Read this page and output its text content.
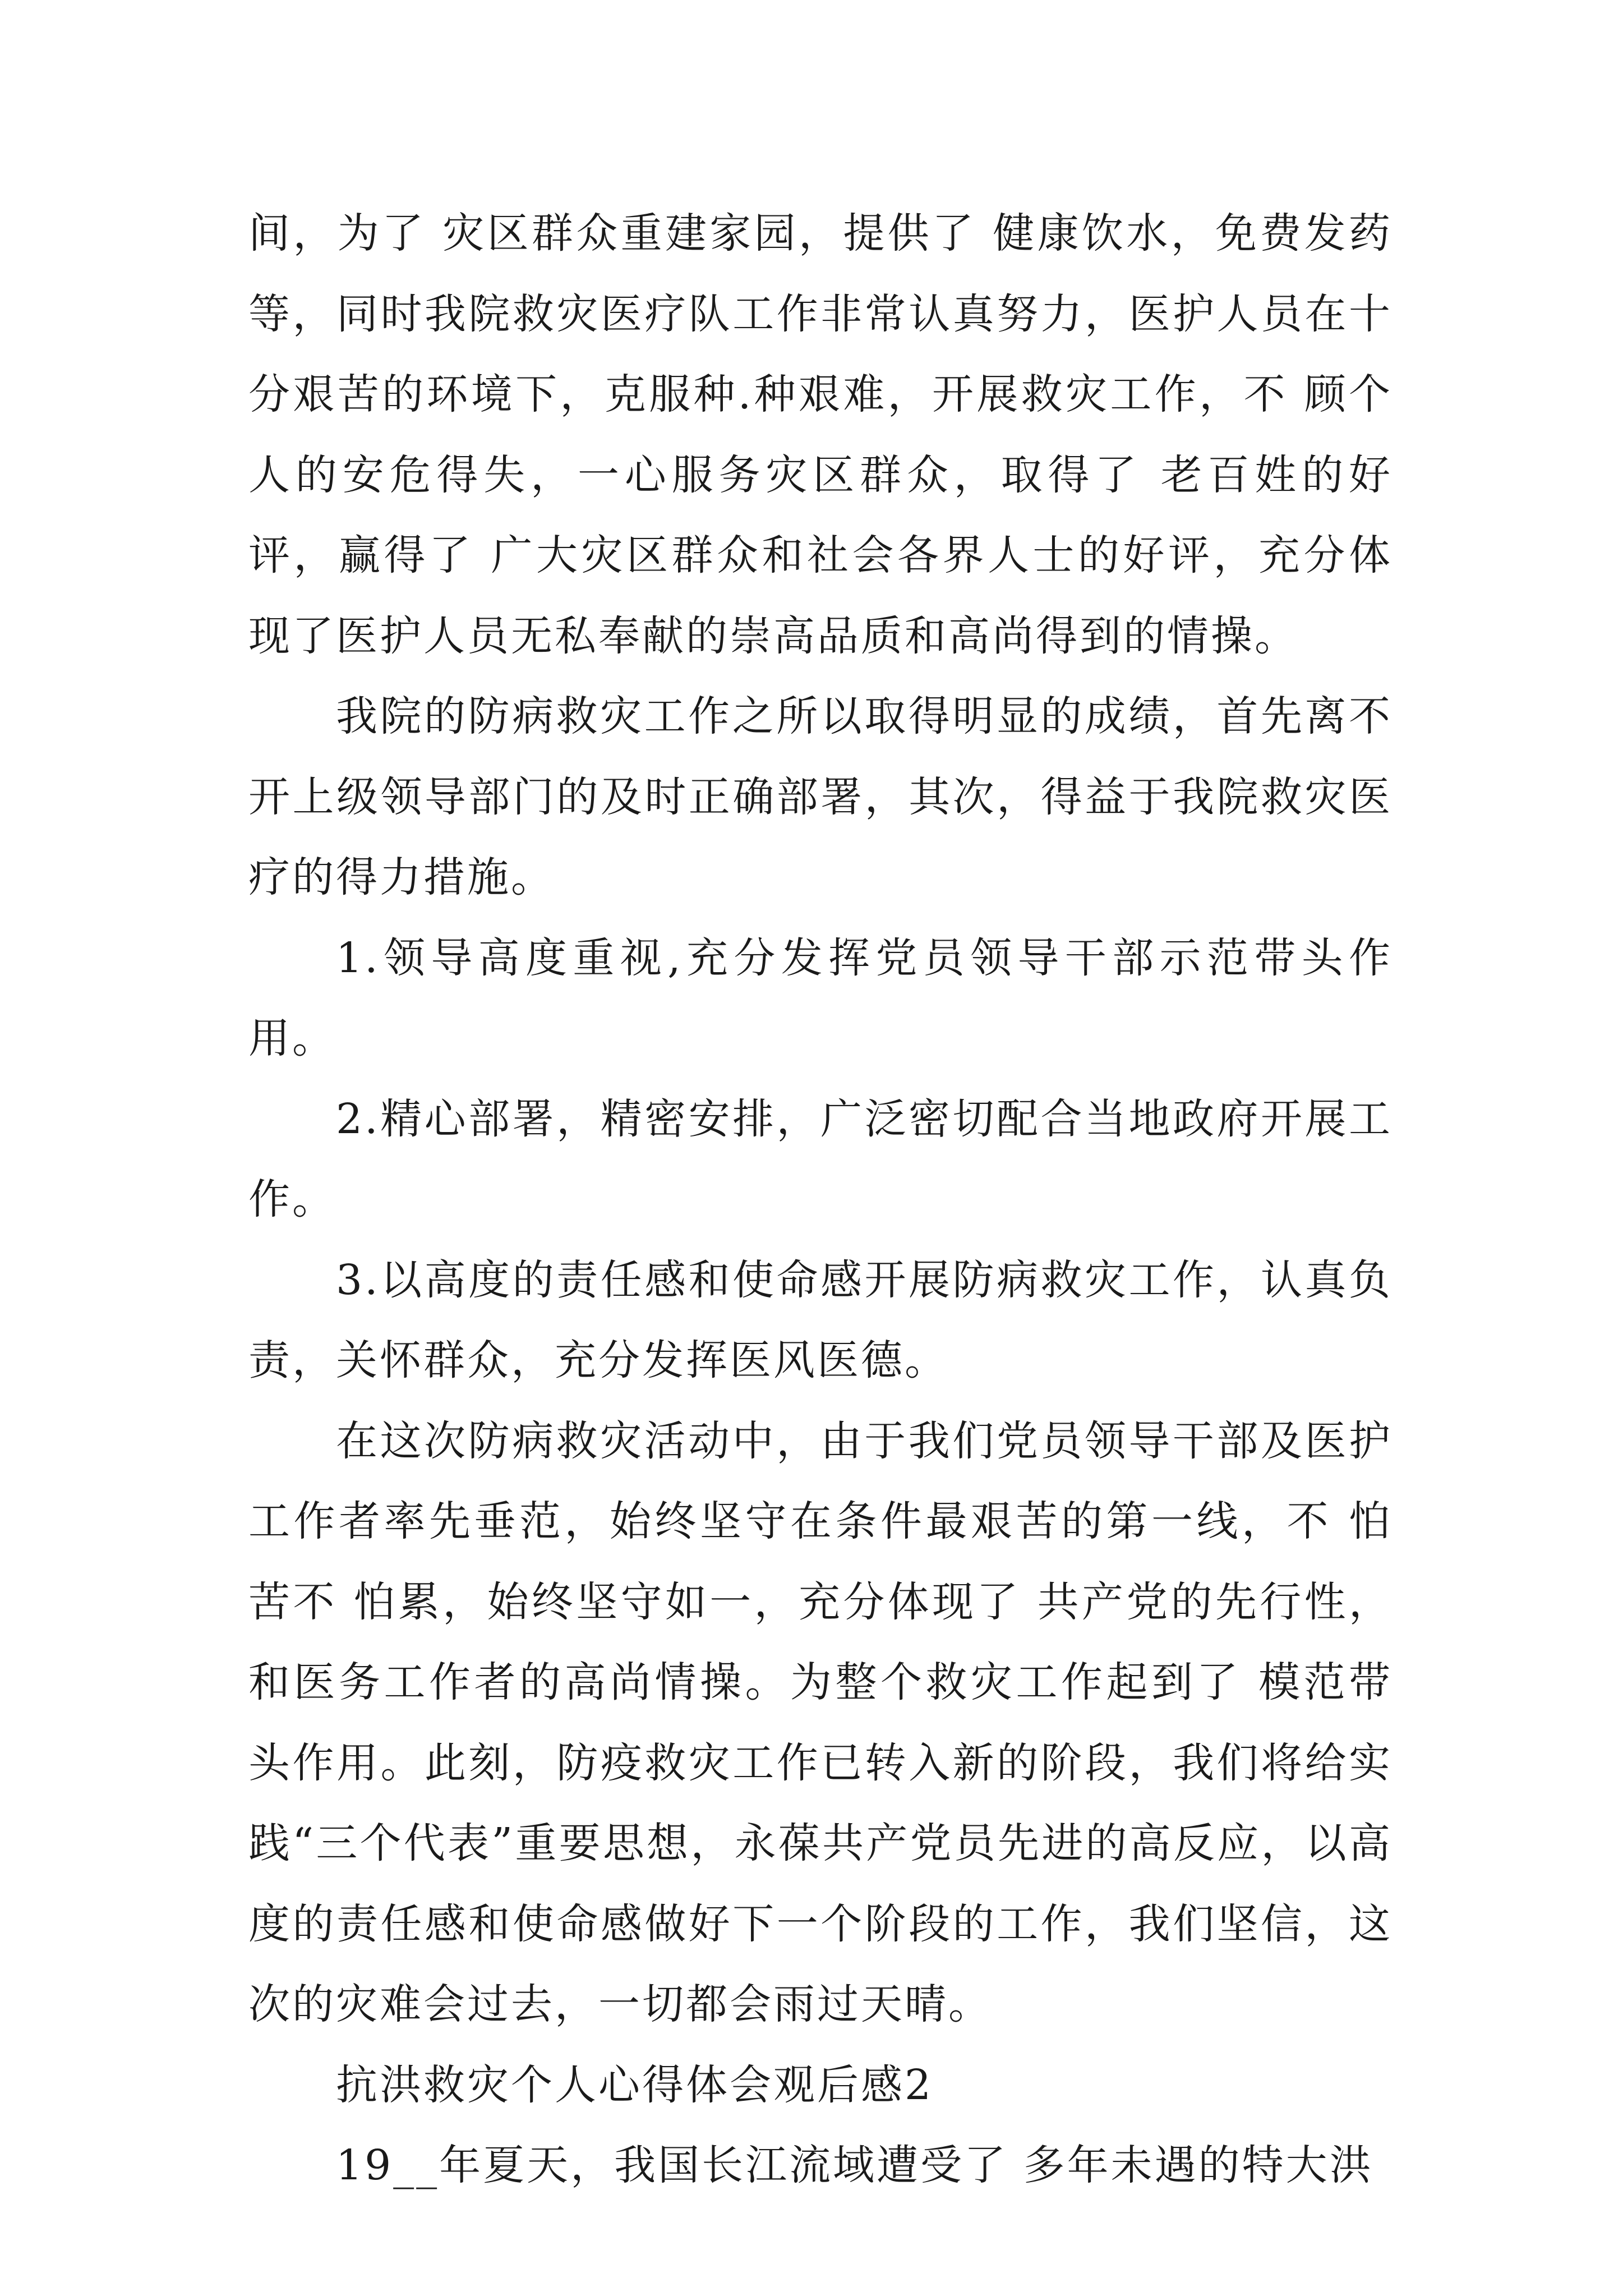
间，为了 灾区群众重建家园，提供了 健康饮水，免费发药等，同时我院救灾医疗队工作非常认真努力，医护人员在十分艰苦的环境下，克服种.种艰难，开展救灾工作，不 顾个人的安危得失，一心服务灾区群众，取得了 老百姓的好评，赢得了 广大灾区群众和社会各界人士的好评，充分体现了医护人员无私奉献的崇高品质和高尚得到的情操。

我院的防病救灾工作之所以取得明显的成绩，首先离不开上级领导部门的及时正确部署，其次，得益于我院救灾医疗的得力措施。

1.领导高度重视,充分发挥党员领导干部示范带头作用。

2.精心部署，精密安排，广泛密切配合当地政府开展工作。

3.以高度的责任感和使命感开展防病救灾工作，认真负责，关怀群众，充分发挥医风医德。

在这次防病救灾活动中，由于我们党员领导干部及医护工作者率先垂范，始终坚守在条件最艰苦的第一线，不 怕苦不 怕累，始终坚守如一，充分体现了 共产党的先行性，和医务工作者的高尚情操。为整个救灾工作起到了 模范带头作用。此刻，防疫救灾工作已转入新的阶段，我们将给实践“三个代表”重要思想，永葆共产党员先进的高反应，以高度的责任感和使命感做好下一个阶段的工作，我们坚信，这次的灾难会过去，一切都会雨过天晴。

抗洪救灾个人心得体会观后感2

19__年夏天，我国长江流域遭受了 多年未遇的特大洪
